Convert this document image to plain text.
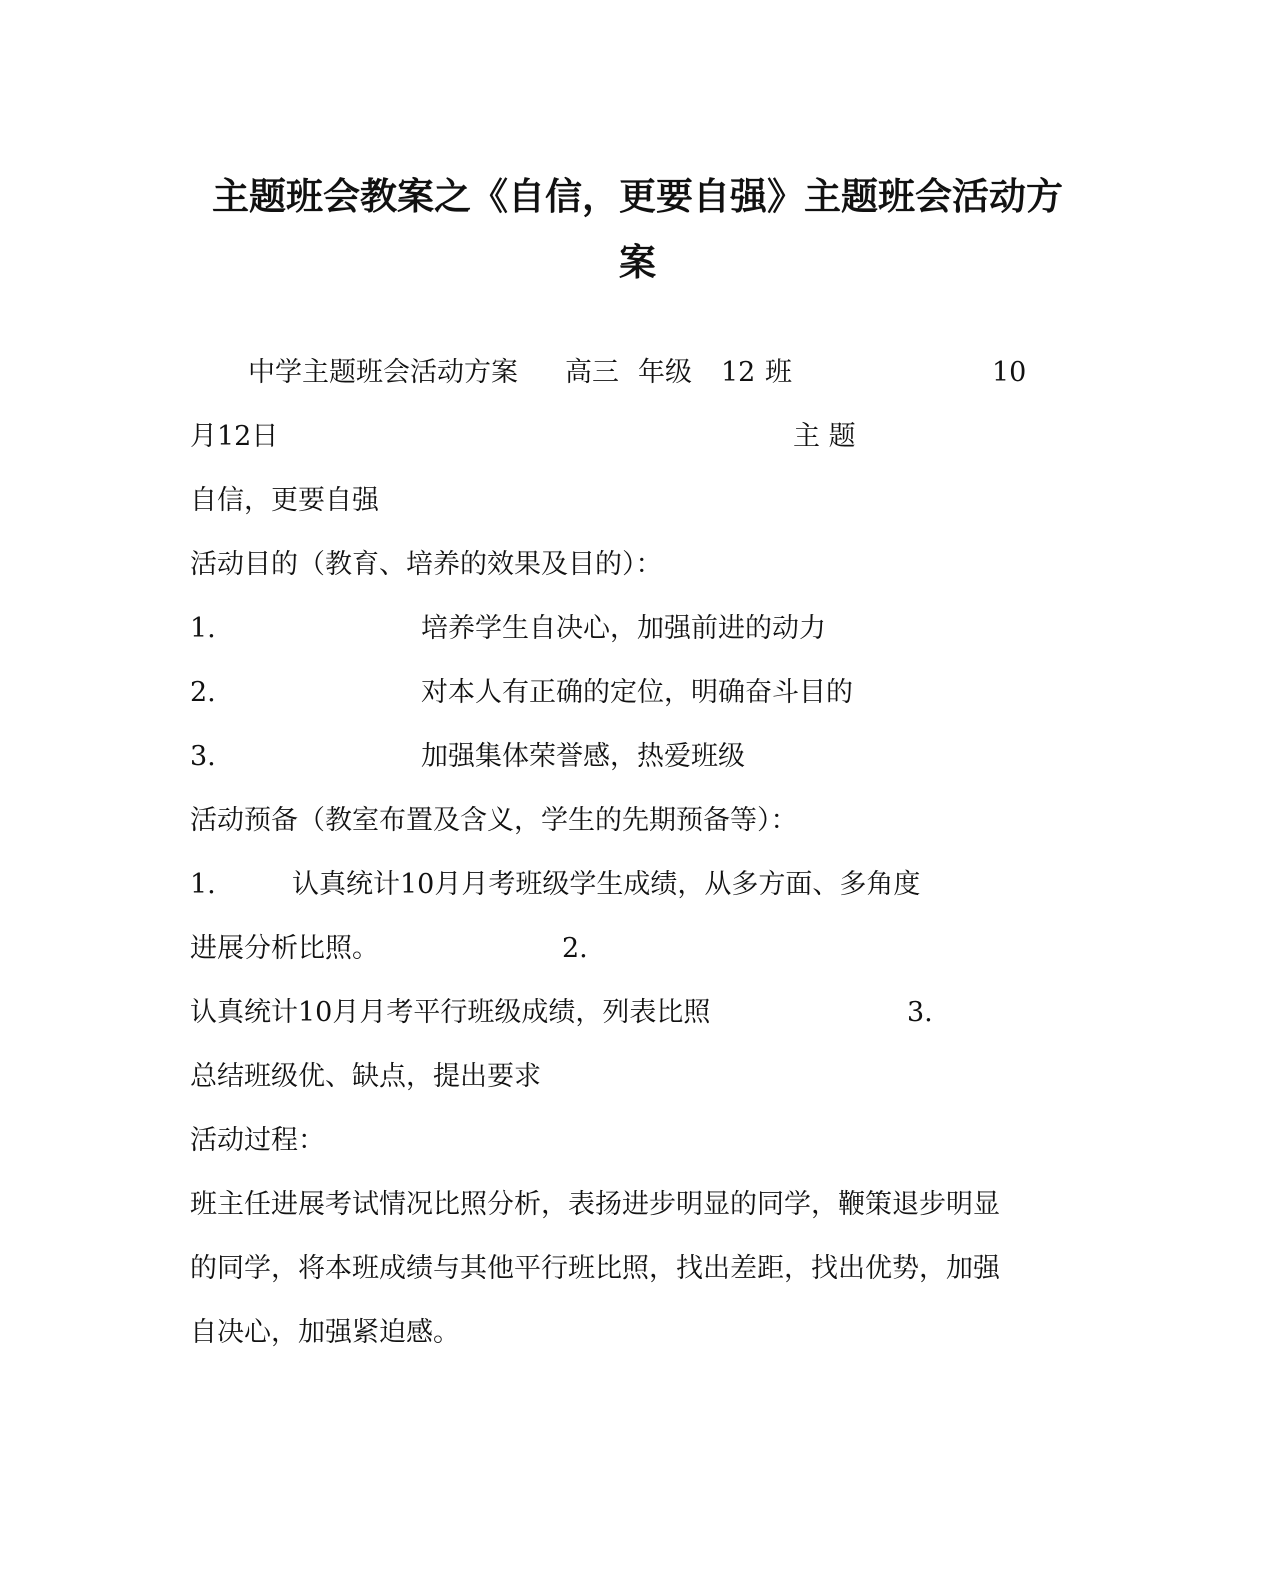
主题班会教案之《自信，更要自强》主题班会活动方
案
中学主题班会活动方案 高三 年级 12 班	10
月12日	主 题
自信，更要自强
活动目的（教育、培养的效果及目的）：
1.	培养学生自决心，加强前进的动力
2.	对本人有正确的定位，明确奋斗目的
3.	加强集体荣誉感，热爱班级
活动预备（教室布置及含义，学生的先期预备等）：
1.	认真统计10月月考班级学生成绩，从多方面、多角度
进展分析比照。	2.
认真统计10月月考平行班级成绩，列表比照	3.
总结班级优、缺点，提出要求
活动过程：
班主任进展考试情况比照分析，表扬进步明显的同学，鞭策退步明显
的同学，将本班成绩与其他平行班比照，找出差距，找出优势，加强
自决心，加强紧迫感。
